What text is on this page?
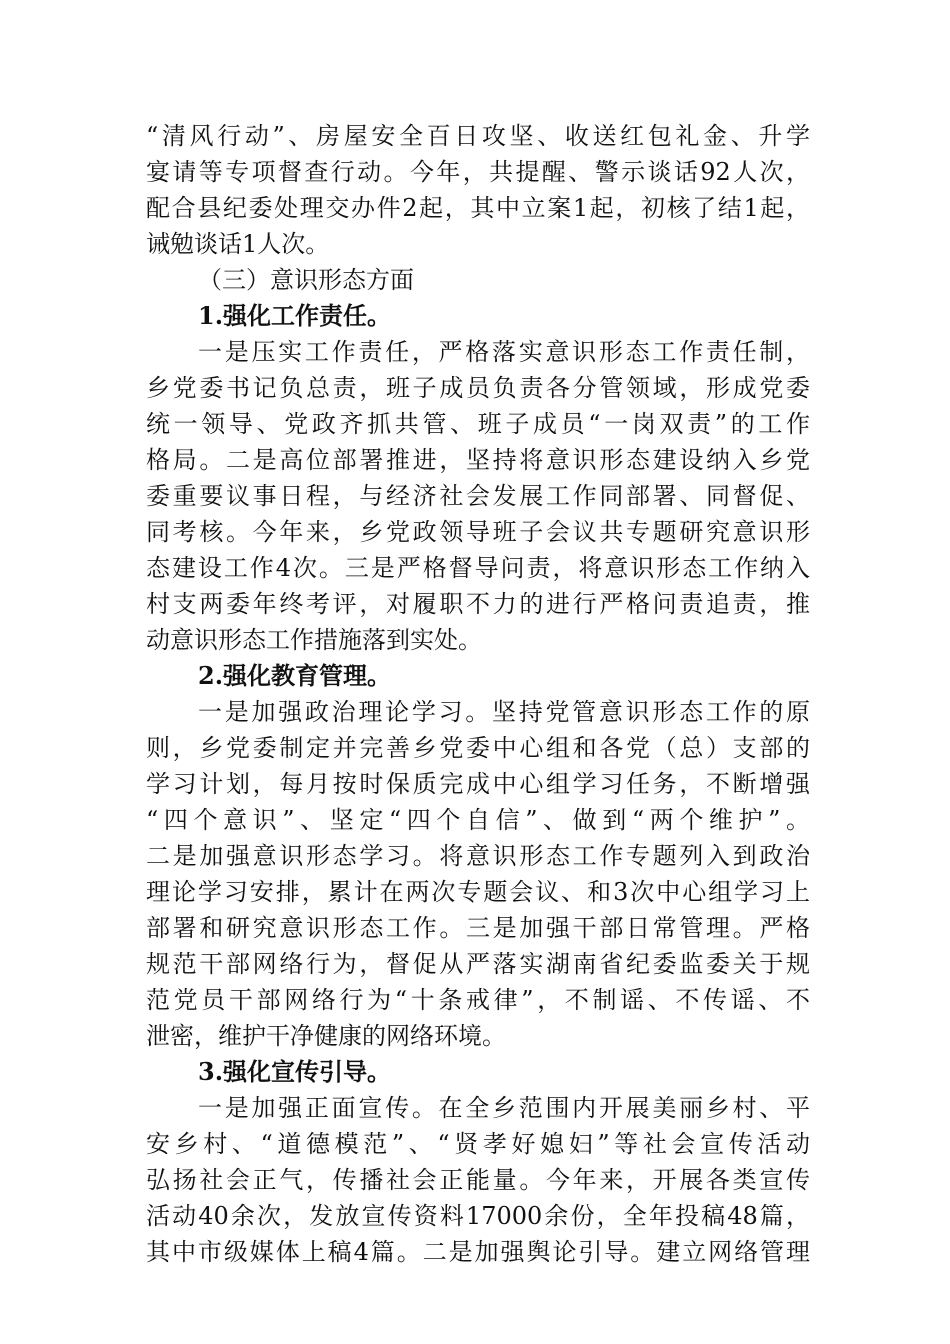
“清风行动”、房屋安全百日攻坚、收送红包礼金、升学
宴请等专项督查行动。今年，共提醒、警示谈话92人次，
配合县纪委处理交办件2起，其中立案1起，初核了结1起，
诫勉谈话1人次。
（三）意识形态方面
1.强化工作责任。
一是压实工作责任，严格落实意识形态工作责任制，
乡党委书记负总责，班子成员负责各分管领域，形成党委
统一领导、党政齐抓共管、班子成员“一岗双责”的工作
格局。二是高位部署推进，坚持将意识形态建设纳入乡党
委重要议事日程，与经济社会发展工作同部署、同督促、
同考核。今年来，乡党政领导班子会议共专题研究意识形
态建设工作4次。三是严格督导问责，将意识形态工作纳入
村支两委年终考评，对履职不力的进行严格问责追责，推
动意识形态工作措施落到实处。
2.强化教育管理。
一是加强政治理论学习。坚持党管意识形态工作的原
则，乡党委制定并完善乡党委中心组和各党（总）支部的
学习计划，每月按时保质完成中心组学习任务，不断增强
“四个意识”、坚定“四个自信”、做到“两个维护”。
二是加强意识形态学习。将意识形态工作专题列入到政治
理论学习安排，累计在两次专题会议、和3次中心组学习上
部署和研究意识形态工作。三是加强干部日常管理。严格
规范干部网络行为，督促从严落实湖南省纪委监委关于规
范党员干部网络行为“十条戒律”，不制谣、不传谣、不
泄密，维护干净健康的网络环境。
3.强化宣传引导。
一是加强正面宣传。在全乡范围内开展美丽乡村、平
安乡村、“道德模范”、“贤孝好媳妇”等社会宣传活动
弘扬社会正气，传播社会正能量。今年来，开展各类宣传
活动40余次，发放宣传资料17000余份，全年投稿48篇，
其中市级媒体上稿4篇。二是加强舆论引导。建立网络管理
